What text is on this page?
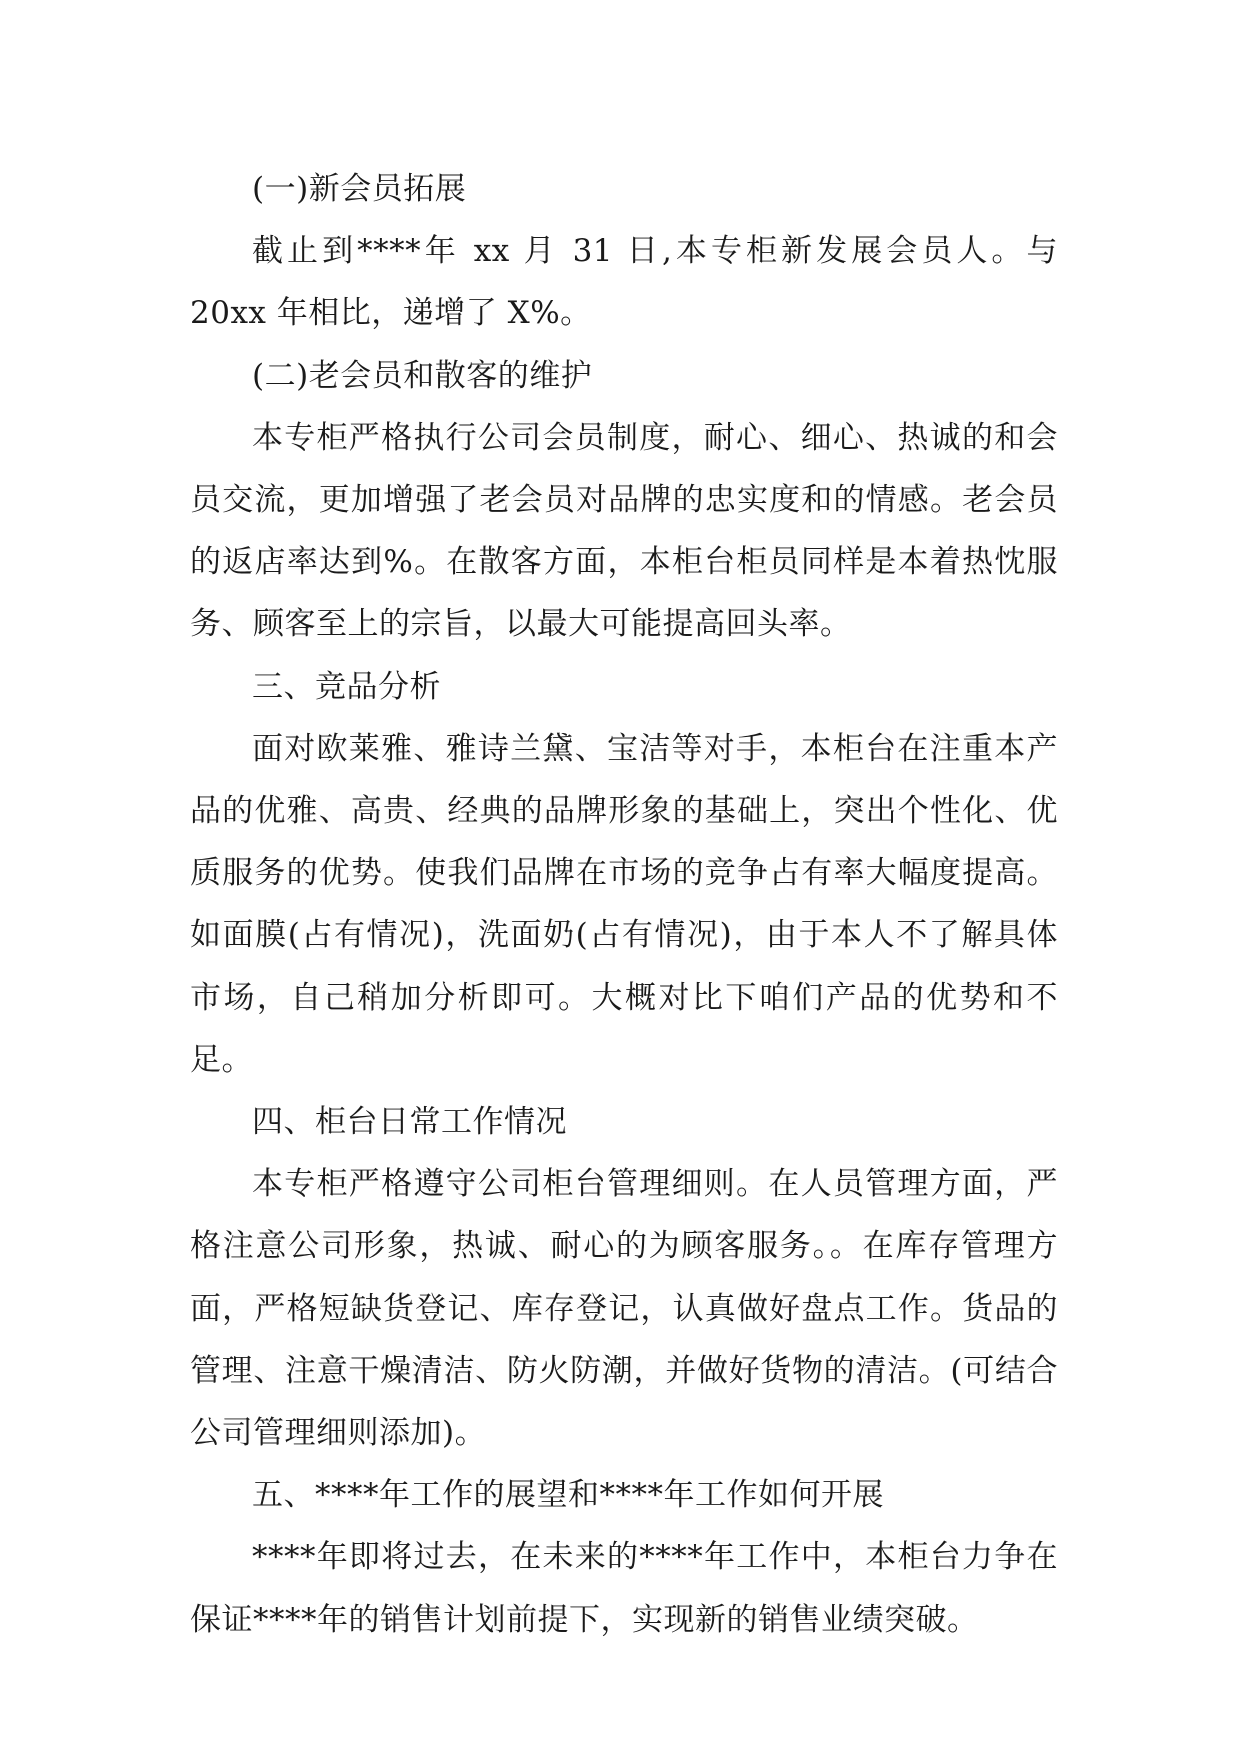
(一)新会员拓展

截止到****年 xx 月 31 日,本专柜新发展会员人。与 20xx 年相比，递增了 X%。

(二)老会员和散客的维护

本专柜严格执行公司会员制度，耐心、细心、热诚的和会员交流，更加增强了老会员对品牌的忠实度和的情感。老会员的返店率达到%。在散客方面，本柜台柜员同样是本着热忱服务、顾客至上的宗旨，以最大可能提高回头率。

三、竞品分析

面对欧莱雅、雅诗兰黛、宝洁等对手，本柜台在注重本产品的优雅、高贵、经典的品牌形象的基础上，突出个性化、优质服务的优势。使我们品牌在市场的竞争占有率大幅度提高。如面膜(占有情况)，洗面奶(占有情况)，由于本人不了解具体市场，自己稍加分析即可。大概对比下咱们产品的优势和不足。

四、柜台日常工作情况

本专柜严格遵守公司柜台管理细则。在人员管理方面，严格注意公司形象，热诚、耐心的为顾客服务。。在库存管理方面，严格短缺货登记、库存登记，认真做好盘点工作。货品的管理、注意干燥清洁、防火防潮，并做好货物的清洁。(可结合公司管理细则添加)。

五、****年工作的展望和****年工作如何开展

****年即将过去，在未来的****年工作中，本柜台力争在保证****年的销售计划前提下，实现新的销售业绩突破。
